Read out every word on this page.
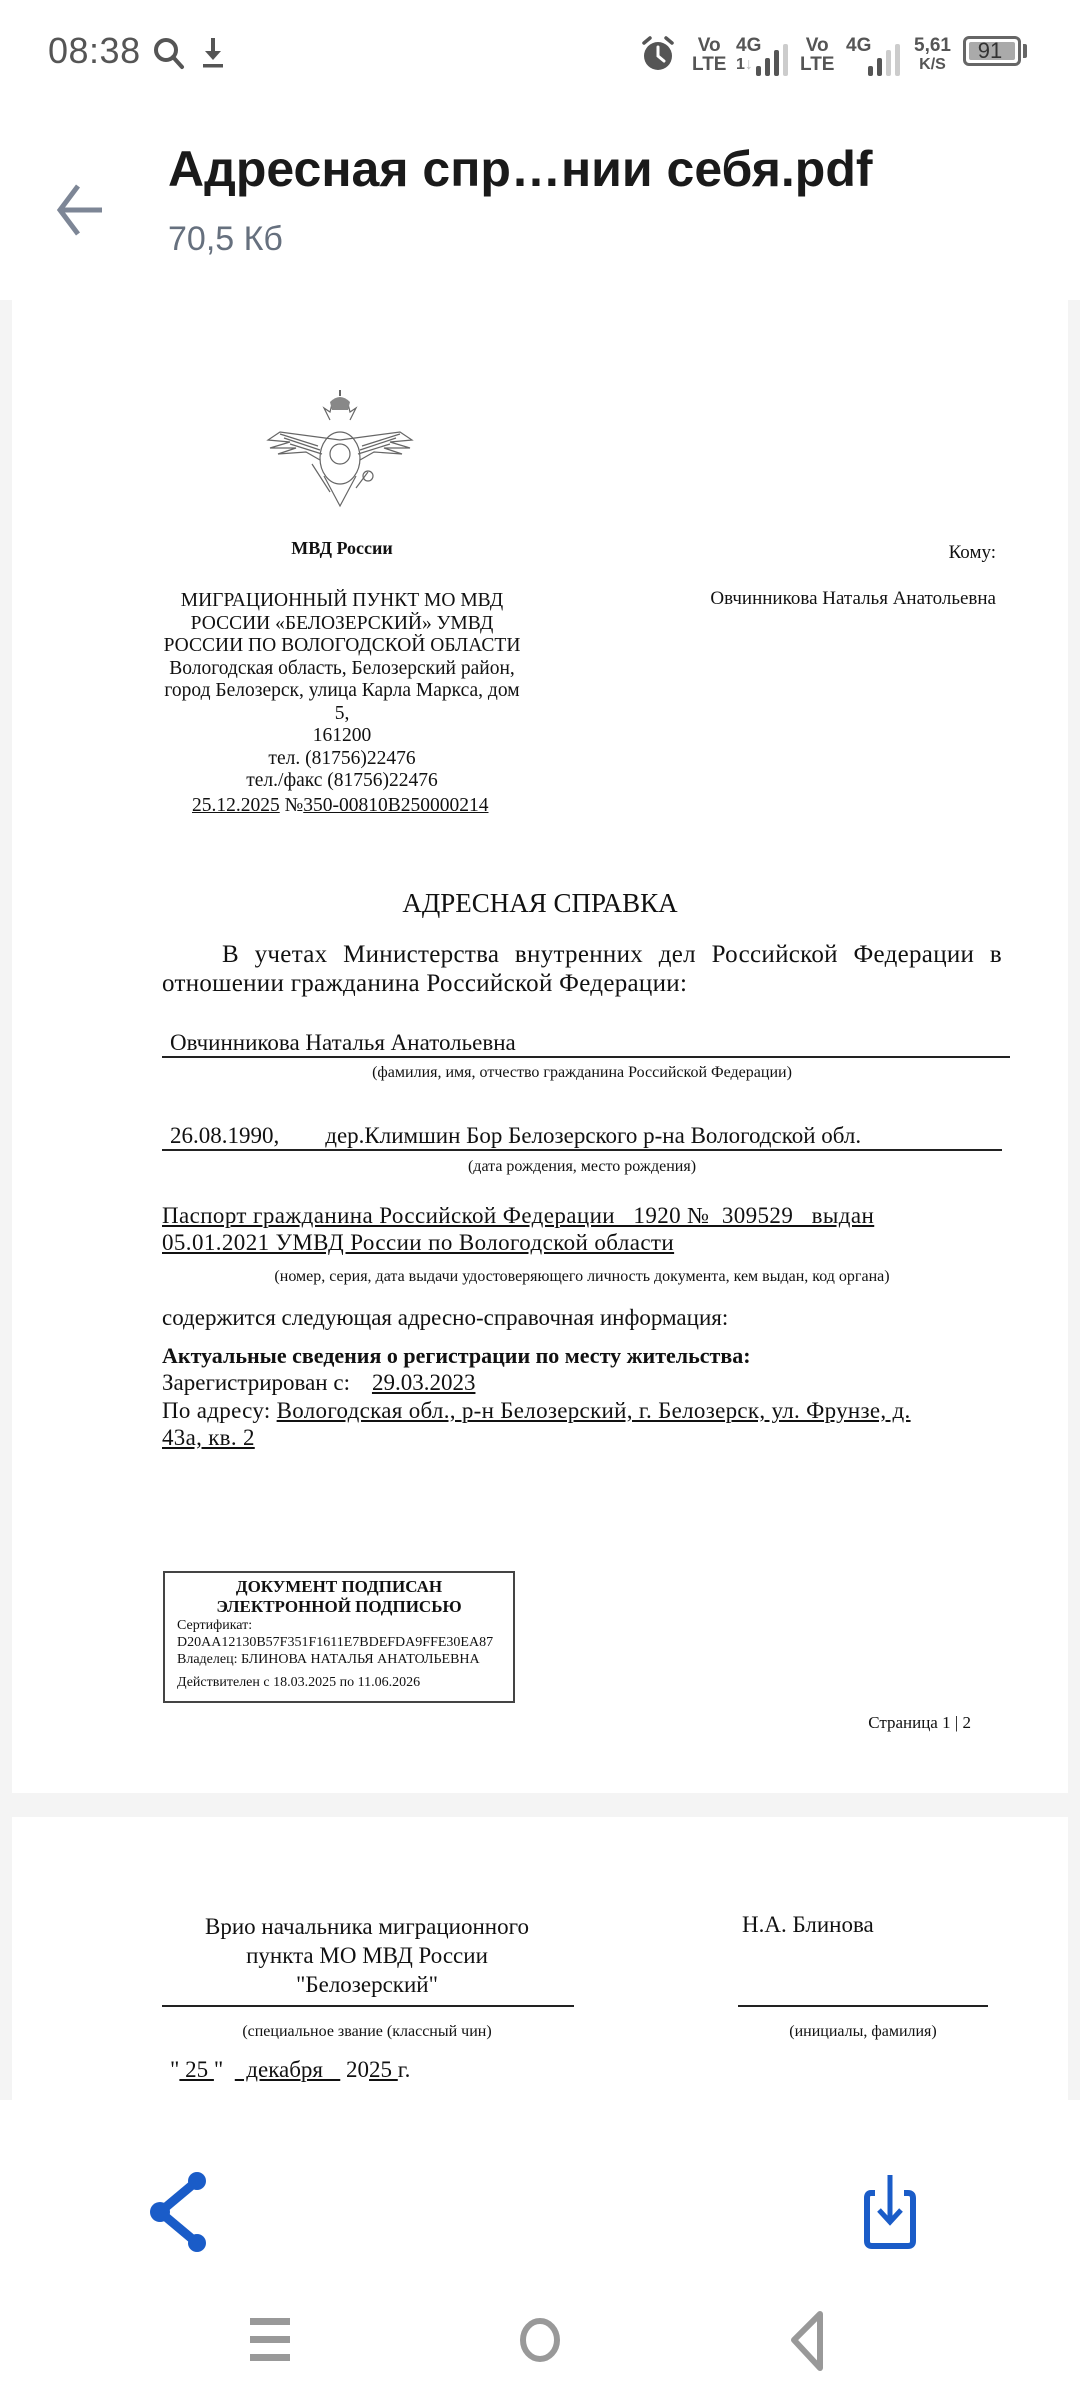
08:38	Vo
LTE
4G
1↓
Vo
LTE
4G 5,61
K/S
91
Адресная спр…нии себя.pdf
70,5 Кб
МВД России
МИГРАЦИОННЫЙ ПУНКТ МО МВД
РОССИИ «БЕЛОЗЕРСКИЙ» УМВД
РОССИИ ПО ВОЛОГОДСКОЙ ОБЛАСТИ
Вологодская область, Белозерский район,
город Белозерск, улица Карла Маркса, дом 5,
161200
тел. (81756)22476
тел./факс (81756)22476
25.12.2025 №350-00810B250000214
Кому:
Овчинникова Наталья Анатольевна
АДРЕСНАЯ СПРАВКА
В учетах Министерства внутренних дел Российской Федерации в отношении гражданина Российской Федерации:
Овчинникова Наталья Анатольевна
(фамилия, имя, отчество гражданина Российской Федерации)
26.08.1990, дер.Климшин Бор Белозерского р-на Вологодской обл.
(дата рождения, место рождения)
Паспорт гражданина Российской Федерации   1920 №  309529   выдан
05.01.2021 УМВД России по Вологодской области
(номер, серия, дата выдачи удостоверяющего личность документа, кем выдан, код органа)
содержится следующая адресно-справочная информация:
Актуальные сведения о регистрации по месту жительства:
Зарегистрирован с: 29.03.2023
По адресу: Вологодская обл., р-н Белозерский, г. Белозерск, ул. Фрунзе, д.
43а, кв. 2
ДОКУМЕНТ ПОДПИСАН
ЭЛЕКТРОННОЙ ПОДПИСЬЮ
Сертификат:
D20AA12130B57F351F1611E7BDEFDA9FFE30EA87
Владелец: БЛИНОВА НАТАЛЬЯ АНАТОЛЬЕВНА
Действителен с 18.03.2025 по 11.06.2026
Страница 1 | 2
Врио начальника миграционного
пункта МО МВД России
"Белозерский"
(специальное звание (классный чин)
Н.А. Блинова
(инициалы, фамилия)
" 25 "    декабря    2025 г.
